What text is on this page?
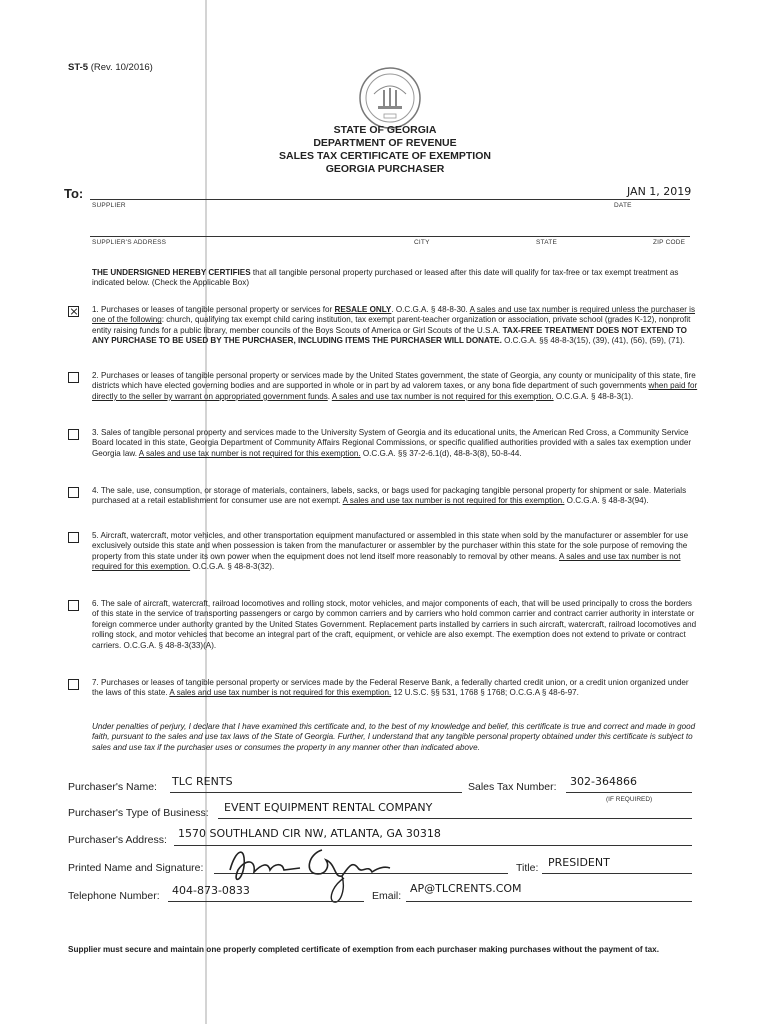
ST-5 (Rev. 10/2016)
STATE OF GEORGIA
DEPARTMENT OF REVENUE
SALES TAX CERTIFICATE OF EXEMPTION
GEORGIA PURCHASER
To:	JAN 1, 2019
SUPPLIER	DATE
SUPPLIER'S ADDRESS	CITY	STATE	ZIP CODE
THE UNDERSIGNED HEREBY CERTIFIES that all tangible personal property purchased or leased after this date will qualify for tax-free or tax exempt treatment as indicated below. (Check the Applicable Box)
1. Purchases or leases of tangible personal property or services for RESALE ONLY. O.C.G.A. § 48-8-30. A sales and use tax number is required unless the purchaser is one of the following: church, qualifying tax exempt child caring institution, tax exempt parent-teacher organization or association, private school (grades K-12), nonprofit entity raising funds for a public library, member councils of the Boys Scouts of America or Girl Scouts of the U.S.A. TAX-FREE TREATMENT DOES NOT EXTEND TO ANY PURCHASE TO BE USED BY THE PURCHASER, INCLUDING ITEMS THE PURCHASER WILL DONATE. O.C.G.A. §§ 48-8-3(15), (39), (41), (56), (59), (71).
2. Purchases or leases of tangible personal property or services made by the United States government, the state of Georgia, any county or municipality of this state, fire districts which have elected governing bodies and are supported in whole or in part by ad valorem taxes, or any bona fide department of such governments when paid for directly to the seller by warrant on appropriated government funds. A sales and use tax number is not required for this exemption. O.C.G.A. § 48-8-3(1).
3. Sales of tangible personal property and services made to the University System of Georgia and its educational units, the American Red Cross, a Community Service Board located in this state, Georgia Department of Community Affairs Regional Commissions, or specific qualified authorities provided with a sales tax exemption under Georgia law. A sales and use tax number is not required for this exemption. O.C.G.A. §§ 37-2-6.1(d), 48-8-3(8), 50-8-44.
4. The sale, use, consumption, or storage of materials, containers, labels, sacks, or bags used for packaging tangible personal property for shipment or sale. Materials purchased at a retail establishment for consumer use are not exempt. A sales and use tax number is not required for this exemption. O.C.G.A. § 48-8-3(94).
5. Aircraft, watercraft, motor vehicles, and other transportation equipment manufactured or assembled in this state when sold by the manufacturer or assembler for use exclusively outside this state and when possession is taken from the manufacturer or assembler by the purchaser within this state for the sole purpose of removing the property from this state under its own power when the equipment does not lend itself more reasonably to removal by other means. A sales and use tax number is not required for this exemption. O.C.G.A. § 48-8-3(32).
6. The sale of aircraft, watercraft, railroad locomotives and rolling stock, motor vehicles, and major components of each, that will be used principally to cross the borders of this state in the service of transporting passengers or cargo by common carriers and by carriers who hold common carrier and contract carrier authority in interstate or foreign commerce under authority granted by the United States Government. Replacement parts installed by carriers in such aircraft, watercraft, railroad locomotives and rolling stock, and motor vehicles that become an integral part of the craft, equipment, or vehicle are also exempt. The exemption does not extend to private or contract carriers. O.C.G.A. § 48-8-3(33)(A).
7. Purchases or leases of tangible personal property or services made by the Federal Reserve Bank, a federally charted credit union, or a credit union organized under the laws of this state. A sales and use tax number is not required for this exemption. 12 U.S.C. §§ 531, 1768 § 1768; O.C.G.A § 48-6-97.
Under penalties of perjury, I declare that I have examined this certificate and, to the best of my knowledge and belief, this certificate is true and correct and made in good faith, pursuant to the sales and use tax laws of the State of Georgia. Further, I understand that any tangible personal property obtained under this certificate is subject to sales and use tax if the purchaser uses or consumes the property in any manner other than indicated above.
Purchaser's Name: TLC RENTS	Sales Tax Number: 302-364866
(IF REQUIRED)
Purchaser's Type of Business: EVENT EQUIPMENT RENTAL COMPANY
Purchaser's Address: 1570 SOUTHLAND CIR NW, ATLANTA, GA 30318
Printed Name and Signature:	Title: PRESIDENT
Telephone Number: 404-873-0833	Email:
AP@TLCRENTS.COM
Supplier must secure and maintain one properly completed certificate of exemption from each purchaser making purchases without the payment of tax.
